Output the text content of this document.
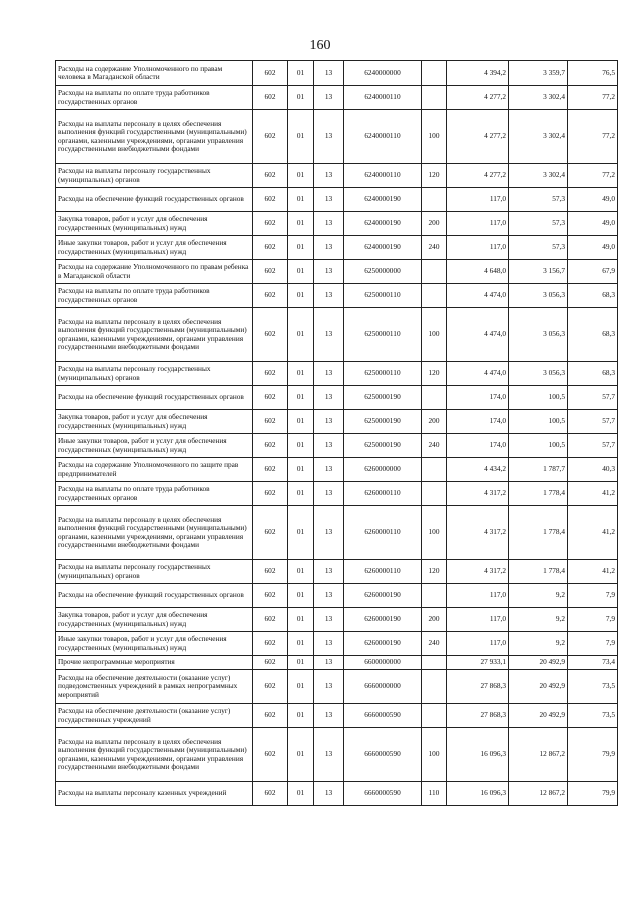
160
Расходы на содержание Уполномоченного по правам человека в Магаданской области	602	01	13	6240000000		4 394,2	3 359,7	76,5
Расходы на выплаты по оплате труда работников государственных органов	602	01	13	6240000110		4 277,2	3 302,4	77,2
Расходы на выплаты персоналу в целях обеспечения выполнения функций государственными (муниципальными) органами, казенными учреждениями, органами управления государственными внебюджетными фондами	602	01	13	6240000110	100	4 277,2	3 302,4	77,2
Расходы на выплаты персоналу государственных (муниципальных) органов	602	01	13	6240000110	120	4 277,2	3 302,4	77,2
Расходы на обеспечение функций государственных органов	602	01	13	6240000190		117,0	57,3	49,0
Закупка товаров, работ и услуг для обеспечения государственных (муниципальных) нужд	602	01	13	6240000190	200	117,0	57,3	49,0
Иные закупки товаров, работ и услуг для обеспечения государственных (муниципальных) нужд	602	01	13	6240000190	240	117,0	57,3	49,0
Расходы на содержание Уполномоченного по правам ребенка в Магаданской области	602	01	13	6250000000		4 648,0	3 156,7	67,9
Расходы на выплаты по оплате труда работников государственных органов	602	01	13	6250000110		4 474,0	3 056,3	68,3
Расходы на выплаты персоналу в целях обеспечения выполнения функций государственными (муниципальными) органами, казенными учреждениями, органами управления государственными внебюджетными фондами	602	01	13	6250000110	100	4 474,0	3 056,3	68,3
Расходы на выплаты персоналу государственных (муниципальных) органов	602	01	13	6250000110	120	4 474,0	3 056,3	68,3
Расходы на обеспечение функций государственных органов	602	01	13	6250000190		174,0	100,5	57,7
Закупка товаров, работ и услуг для обеспечения государственных (муниципальных) нужд	602	01	13	6250000190	200	174,0	100,5	57,7
Иные закупки товаров, работ и услуг для обеспечения государственных (муниципальных) нужд	602	01	13	6250000190	240	174,0	100,5	57,7
Расходы на содержание Уполномоченного по защите прав предпринимателей	602	01	13	6260000000		4 434,2	1 787,7	40,3
Расходы на выплаты по оплате труда работников государственных органов	602	01	13	6260000110		4 317,2	1 778,4	41,2
Расходы на выплаты персоналу в целях обеспечения выполнения функций государственными (муниципальными) органами, казенными учреждениями, органами управления государственными внебюджетными фондами	602	01	13	6260000110	100	4 317,2	1 778,4	41,2
Расходы на выплаты персоналу государственных (муниципальных) органов	602	01	13	6260000110	120	4 317,2	1 778,4	41,2
Расходы на обеспечение функций государственных органов	602	01	13	6260000190		117,0	9,2	7,9
Закупка товаров, работ и услуг для обеспечения государственных (муниципальных) нужд	602	01	13	6260000190	200	117,0	9,2	7,9
Иные закупки товаров, работ и услуг для обеспечения государственных (муниципальных) нужд	602	01	13	6260000190	240	117,0	9,2	7,9
Прочие непрограммные мероприятия	602	01	13	6600000000		27 933,1	20 492,9	73,4
Расходы на обеспечение деятельности (оказание услуг) подведомственных учреждений в рамках непрограммных мероприятий	602	01	13	6660000000		27 868,3	20 492,9	73,5
Расходы на обеспечение деятельности (оказание услуг) государственных учреждений	602	01	13	6660000590		27 868,3	20 492,9	73,5
Расходы на выплаты персоналу в целях обеспечения выполнения функций государственными (муниципальными) органами, казенными учреждениями, органами управления государственными внебюджетными фондами	602	01	13	6660000590	100	16 096,3	12 867,2	79,9
Расходы на выплаты персоналу казенных учреждений	602	01	13	6660000590	110	16 096,3	12 867,2	79,9
